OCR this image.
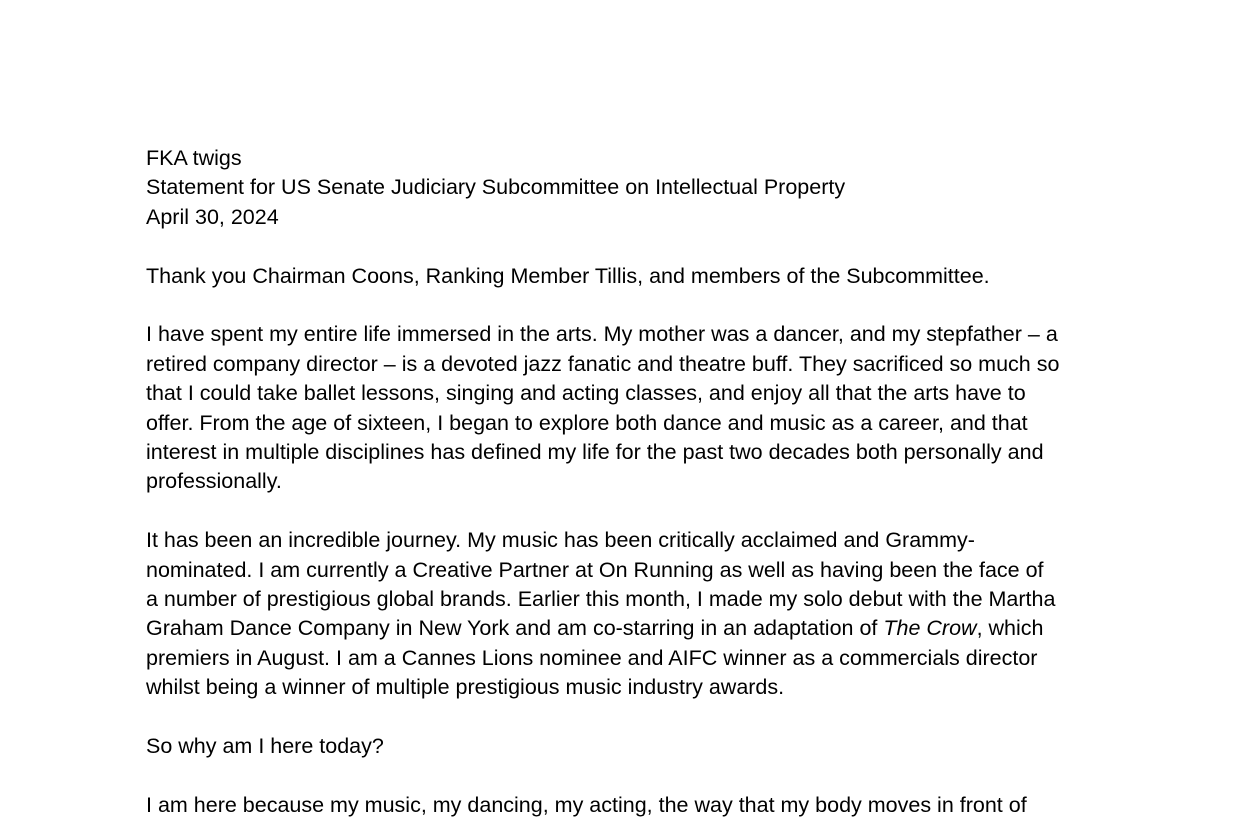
FKA twigs
Statement for US Senate Judiciary Subcommittee on Intellectual Property
April 30, 2024
Thank you Chairman Coons, Ranking Member Tillis, and members of the Subcommittee.
I have spent my entire life immersed in the arts. My mother was a dancer, and my stepfather – a
retired company director – is a devoted jazz fanatic and theatre buff. They sacrificed so much so
that I could take ballet lessons, singing and acting classes, and enjoy all that the arts have to
offer. From the age of sixteen, I began to explore both dance and music as a career, and that
interest in multiple disciplines has defined my life for the past two decades both personally and
professionally.
It has been an incredible journey. My music has been critically acclaimed and Grammy-
nominated. I am currently a Creative Partner at On Running as well as having been the face of
a number of prestigious global brands. Earlier this month, I made my solo debut with the Martha
Graham Dance Company in New York and am co-starring in an adaptation of The Crow, which
premiers in August. I am a Cannes Lions nominee and AIFC winner as a commercials director
whilst being a winner of multiple prestigious music industry awards.
So why am I here today?
I am here because my music, my dancing, my acting, the way that my body moves in front of
